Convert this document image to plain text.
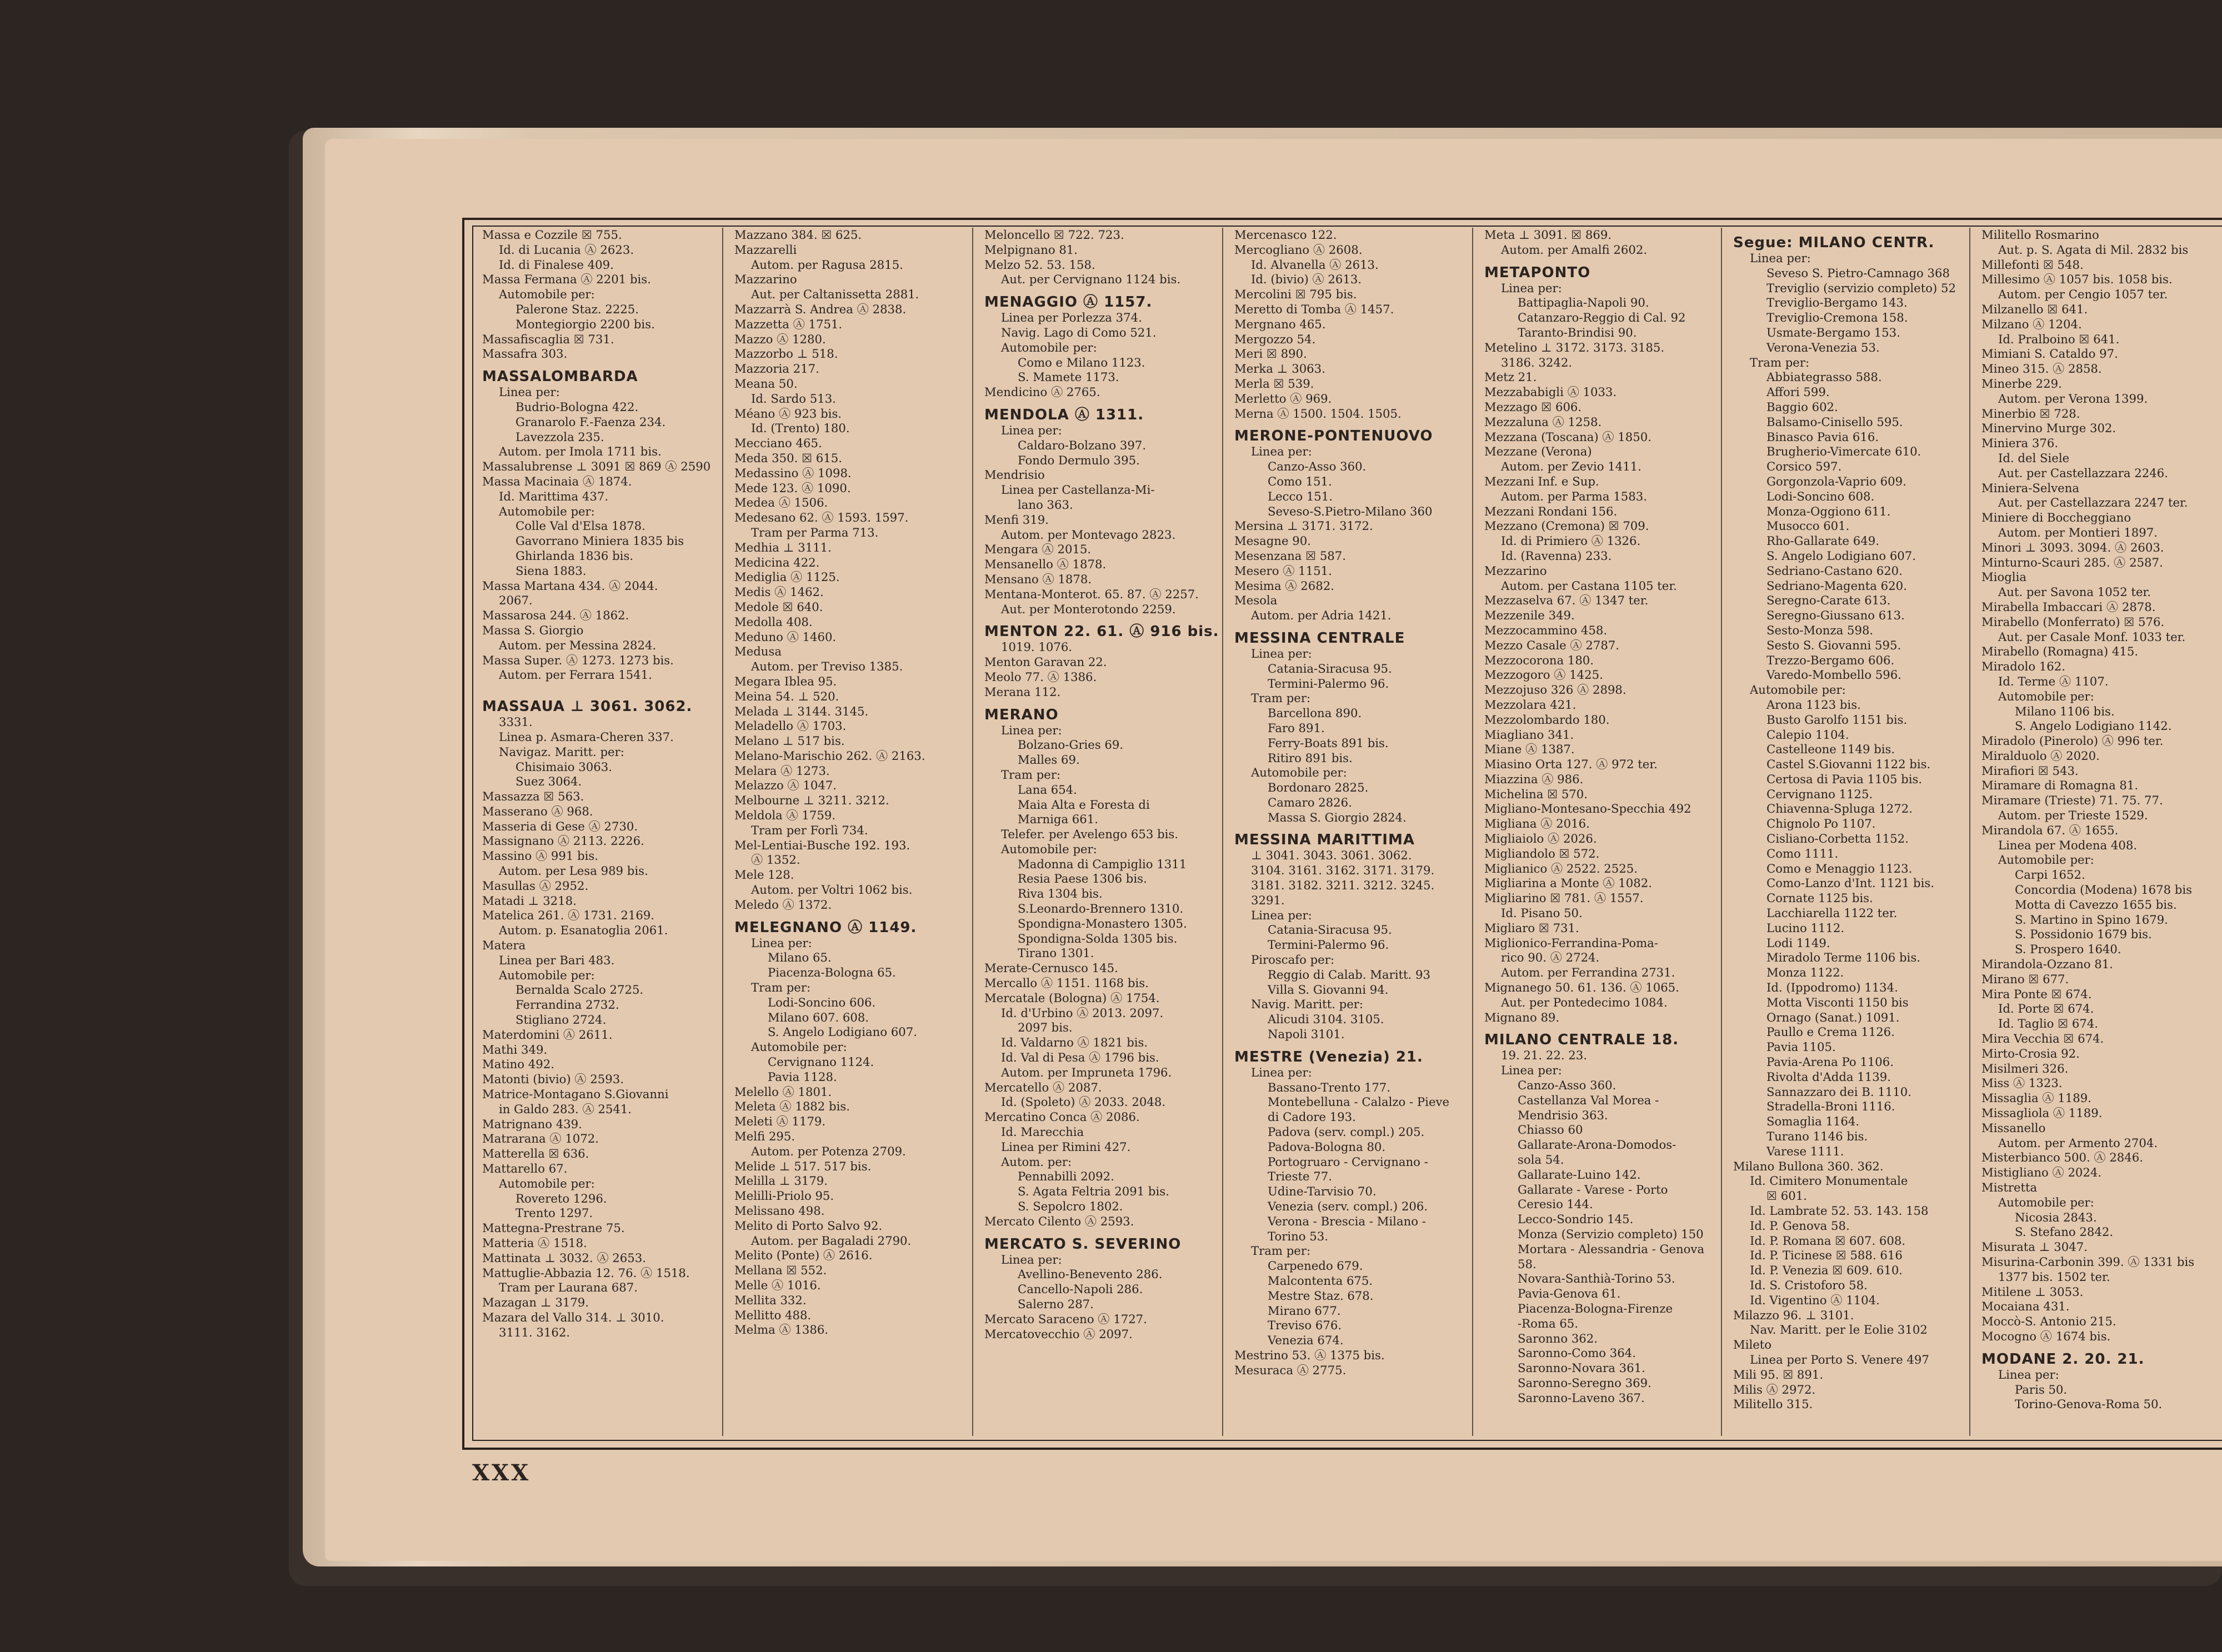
Massa e Cozzile ☒ 755.
Id. di Lucania Ⓐ 2623.
Id. di Finalese 409.
Massa Fermana Ⓐ 2201 bis.
Automobile per:
Palerone Staz. 2225.
Montegiorgio 2200 bis.
Massafiscaglia ☒ 731.
Massafra 303.
MASSALOMBARDA
Linea per:
Budrio-Bologna 422.
Granarolo F.-Faenza 234.
Lavezzola 235.
Autom. per Imola 1711 bis.
Massalubrense ⊥ 3091 ☒ 869 Ⓐ 2590
Massa Macinaia Ⓐ 1874.
Id. Marittima 437.
Automobile per:
Colle Val d'Elsa 1878.
Gavorrano Miniera 1835 bis
Ghirlanda 1836 bis.
Siena 1883.
Massa Martana 434. Ⓐ 2044.
2067.
Massarosa 244. Ⓐ 1862.
Massa S. Giorgio
Autom. per Messina 2824.
Massa Super. Ⓐ 1273. 1273 bis.
Autom. per Ferrara 1541.
MASSAUA ⊥ 3061. 3062.
3331.
Linea p. Asmara-Cheren 337.
Navigaz. Maritt. per:
Chisimaio 3063.
Suez 3064.
Massazza ☒ 563.
Masserano Ⓐ 968.
Masseria di Gese Ⓐ 2730.
Massignano Ⓐ 2113. 2226.
Massino Ⓐ 991 bis.
Autom. per Lesa 989 bis.
Masullas Ⓐ 2952.
Matadi ⊥ 3218.
Matelica 261. Ⓐ 1731. 2169.
Autom. p. Esanatoglia 2061.
Matera
Linea per Bari 483.
Automobile per:
Bernalda Scalo 2725.
Ferrandina 2732.
Stigliano 2724.
Materdomini Ⓐ 2611.
Mathi 349.
Matino 492.
Matonti (bivio) Ⓐ 2593.
Matrice-Montagano S.Giovanni
in Galdo 283. Ⓐ 2541.
Matrignano 439.
Matrarana Ⓐ 1072.
Matterella ☒ 636.
Mattarello 67.
Automobile per:
Rovereto 1296.
Trento 1297.
Mattegna-Prestrane 75.
Matteria Ⓐ 1518.
Mattinata ⊥ 3032. Ⓐ 2653.
Mattuglie-Abbazia 12. 76. Ⓐ 1518.
Tram per Laurana 687.
Mazagan ⊥ 3179.
Mazara del Vallo 314. ⊥ 3010.
3111. 3162.
Mazzano 384. ☒ 625.
Mazzarelli
Autom. per Ragusa 2815.
Mazzarino
Aut. per Caltanissetta 2881.
Mazzarrà S. Andrea Ⓐ 2838.
Mazzetta Ⓐ 1751.
Mazzo Ⓐ 1280.
Mazzorbo ⊥ 518.
Mazzoria 217.
Meana 50.
Id. Sardo 513.
Méano Ⓐ 923 bis.
Id. (Trento) 180.
Mecciano 465.
Meda 350. ☒ 615.
Medassino Ⓐ 1098.
Mede 123. Ⓐ 1090.
Medea Ⓐ 1506.
Medesano 62. Ⓐ 1593. 1597.
Tram per Parma 713.
Medhia ⊥ 3111.
Medicina 422.
Mediglia Ⓐ 1125.
Medis Ⓐ 1462.
Medole ☒ 640.
Medolla 408.
Meduno Ⓐ 1460.
Medusa
Autom. per Treviso 1385.
Megara Iblea 95.
Meina 54. ⊥ 520.
Melada ⊥ 3144. 3145.
Meladello Ⓐ 1703.
Melano ⊥ 517 bis.
Melano-Marischio 262. Ⓐ 2163.
Melara Ⓐ 1273.
Melazzo Ⓐ 1047.
Melbourne ⊥ 3211. 3212.
Meldola Ⓐ 1759.
Tram per Forlì 734.
Mel-Lentiai-Busche 192. 193.
Ⓐ 1352.
Mele 128.
Autom. per Voltri 1062 bis.
Meledo Ⓐ 1372.
MELEGNANO Ⓐ 1149.
Linea per:
Milano 65.
Piacenza-Bologna 65.
Tram per:
Lodi-Soncino 606.
Milano 607. 608.
S. Angelo Lodigiano 607.
Automobile per:
Cervignano 1124.
Pavia 1128.
Melello Ⓐ 1801.
Meleta Ⓐ 1882 bis.
Meleti Ⓐ 1179.
Melfi 295.
Autom. per Potenza 2709.
Melide ⊥ 517. 517 bis.
Melilla ⊥ 3179.
Melilli-Priolo 95.
Melissano 498.
Melito di Porto Salvo 92.
Autom. per Bagaladi 2790.
Melito (Ponte) Ⓐ 2616.
Mellana ☒ 552.
Melle Ⓐ 1016.
Mellita 332.
Mellitto 488.
Melma Ⓐ 1386.
Meloncello ☒ 722. 723.
Melpignano 81.
Melzo 52. 53. 158.
Aut. per Cervignano 1124 bis.
MENAGGIO Ⓐ 1157.
Linea per Porlezza 374.
Navig. Lago di Como 521.
Automobile per:
Como e Milano 1123.
S. Mamete 1173.
Mendicino Ⓐ 2765.
MENDOLA Ⓐ 1311.
Linea per:
Caldaro-Bolzano 397.
Fondo Dermulo 395.
Mendrisio
Linea per Castellanza-Mi-
lano 363.
Menfi 319.
Autom. per Montevago 2823.
Mengara Ⓐ 2015.
Mensanello Ⓐ 1878.
Mensano Ⓐ 1878.
Mentana-Monterot. 65. 87. Ⓐ 2257.
Aut. per Monterotondo 2259.
MENTON 22. 61. Ⓐ 916 bis.
1019. 1076.
Menton Garavan 22.
Meolo 77. Ⓐ 1386.
Merana 112.
MERANO
Linea per:
Bolzano-Gries 69.
Malles 69.
Tram per:
Lana 654.
Maia Alta e Foresta di
Marniga 661.
Telefer. per Avelengo 653 bis.
Automobile per:
Madonna di Campiglio 1311
Resia Paese 1306 bis.
Riva 1304 bis.
S.Leonardo-Brennero 1310.
Spondigna-Monastero 1305.
Spondigna-Solda 1305 bis.
Tirano 1301.
Merate-Cernusco 145.
Mercallo Ⓐ 1151. 1168 bis.
Mercatale (Bologna) Ⓐ 1754.
Id. d'Urbino Ⓐ 2013. 2097.
2097 bis.
Id. Valdarno Ⓐ 1821 bis.
Id. Val di Pesa Ⓐ 1796 bis.
Autom. per Impruneta 1796.
Mercatello Ⓐ 2087.
Id. (Spoleto) Ⓐ 2033. 2048.
Mercatino Conca Ⓐ 2086.
Id. Marecchia
Linea per Rimini 427.
Autom. per:
Pennabilli 2092.
S. Agata Feltria 2091 bis.
S. Sepolcro 1802.
Mercato Cilento Ⓐ 2593.
MERCATO S. SEVERINO
Linea per:
Avellino-Benevento 286.
Cancello-Napoli 286.
Salerno 287.
Mercato Saraceno Ⓐ 1727.
Mercatovecchio Ⓐ 2097.
Mercenasco 122.
Mercogliano Ⓐ 2608.
Id. Alvanella Ⓐ 2613.
Id. (bivio) Ⓐ 2613.
Mercolini ☒ 795 bis.
Meretto di Tomba Ⓐ 1457.
Mergnano 465.
Mergozzo 54.
Meri ☒ 890.
Merka ⊥ 3063.
Merla ☒ 539.
Merletto Ⓐ 969.
Merna Ⓐ 1500. 1504. 1505.
MERONE-PONTENUOVO
Linea per:
Canzo-Asso 360.
Como 151.
Lecco 151.
Seveso-S.Pietro-Milano 360
Mersina ⊥ 3171. 3172.
Mesagne 90.
Mesenzana ☒ 587.
Mesero Ⓐ 1151.
Mesima Ⓐ 2682.
Mesola
Autom. per Adria 1421.
MESSINA CENTRALE
Linea per:
Catania-Siracusa 95.
Termini-Palermo 96.
Tram per:
Barcellona 890.
Faro 891.
Ferry-Boats 891 bis.
Ritiro 891 bis.
Automobile per:
Bordonaro 2825.
Camaro 2826.
Massa S. Giorgio 2824.
MESSINA MARITTIMA
⊥ 3041. 3043. 3061. 3062.
3104. 3161. 3162. 3171. 3179.
3181. 3182. 3211. 3212. 3245.
3291.
Linea per:
Catania-Siracusa 95.
Termini-Palermo 96.
Piroscafo per:
Reggio di Calab. Maritt. 93
Villa S. Giovanni 94.
Navig. Maritt. per:
Alicudi 3104. 3105.
Napoli 3101.
MESTRE (Venezia) 21.
Linea per:
Bassano-Trento 177.
Montebelluna - Calalzo - Pieve
di Cadore 193.
Padova (serv. compl.) 205.
Padova-Bologna 80.
Portogruaro - Cervignano -
Trieste 77.
Udine-Tarvisio 70.
Venezia (serv. compl.) 206.
Verona - Brescia - Milano -
Torino 53.
Tram per:
Carpenedo 679.
Malcontenta 675.
Mestre Staz. 678.
Mirano 677.
Treviso 676.
Venezia 674.
Mestrino 53. Ⓐ 1375 bis.
Mesuraca Ⓐ 2775.
Meta ⊥ 3091. ☒ 869.
Autom. per Amalfi 2602.
METAPONTO
Linea per:
Battipaglia-Napoli 90.
Catanzaro-Reggio di Cal. 92
Taranto-Brindisi 90.
Metelino ⊥ 3172. 3173. 3185.
3186. 3242.
Metz 21.
Mezzababigli Ⓐ 1033.
Mezzago ☒ 606.
Mezzaluna Ⓐ 1258.
Mezzana (Toscana) Ⓐ 1850.
Mezzane (Verona)
Autom. per Zevio 1411.
Mezzani Inf. e Sup.
Autom. per Parma 1583.
Mezzani Rondani 156.
Mezzano (Cremona) ☒ 709.
Id. di Primiero Ⓐ 1326.
Id. (Ravenna) 233.
Mezzarino
Autom. per Castana 1105 ter.
Mezzaselva 67. Ⓐ 1347 ter.
Mezzenile 349.
Mezzocammino 458.
Mezzo Casale Ⓐ 2787.
Mezzocorona 180.
Mezzogoro Ⓐ 1425.
Mezzojuso 326 Ⓐ 2898.
Mezzolara 421.
Mezzolombardo 180.
Miagliano 341.
Miane Ⓐ 1387.
Miasino Orta 127. Ⓐ 972 ter.
Miazzina Ⓐ 986.
Michelina ☒ 570.
Migliano-Montesano-Specchia 492
Migliana Ⓐ 2016.
Migliaiolo Ⓐ 2026.
Migliandolo ☒ 572.
Miglianico Ⓐ 2522. 2525.
Migliarina a Monte Ⓐ 1082.
Migliarino ☒ 781. Ⓐ 1557.
Id. Pisano 50.
Migliaro ☒ 731.
Miglionico-Ferrandina-Poma-
rico 90. Ⓐ 2724.
Autom. per Ferrandina 2731.
Mignanego 50. 61. 136. Ⓐ 1065.
Aut. per Pontedecimo 1084.
Mignano 89.
MILANO CENTRALE 18.
19. 21. 22. 23.
Linea per:
Canzo-Asso 360.
Castellanza Val Morea -
Mendrisio 363.
Chiasso 60
Gallarate-Arona-Domodos-
sola 54.
Gallarate-Luino 142.
Gallarate - Varese - Porto
Ceresio 144.
Lecco-Sondrio 145.
Monza (Servizio completo) 150
Mortara - Alessandria - Genova
58.
Novara-Santhià-Torino 53.
Pavia-Genova 61.
Piacenza-Bologna-Firenze
-Roma 65.
Saronno 362.
Saronno-Como 364.
Saronno-Novara 361.
Saronno-Seregno 369.
Saronno-Laveno 367.
Segue: MILANO CENTR.
Linea per:
Seveso S. Pietro-Camnago 368
Treviglio (servizio completo) 52
Treviglio-Bergamo 143.
Treviglio-Cremona 158.
Usmate-Bergamo 153.
Verona-Venezia 53.
Tram per:
Abbiategrasso 588.
Affori 599.
Baggio 602.
Balsamo-Cinisello 595.
Binasco Pavia 616.
Brugherio-Vimercate 610.
Corsico 597.
Gorgonzola-Vaprio 609.
Lodi-Soncino 608.
Monza-Oggiono 611.
Musocco 601.
Rho-Gallarate 649.
S. Angelo Lodigiano 607.
Sedriano-Castano 620.
Sedriano-Magenta 620.
Seregno-Carate 613.
Seregno-Giussano 613.
Sesto-Monza 598.
Sesto S. Giovanni 595.
Trezzo-Bergamo 606.
Varedo-Mombello 596.
Automobile per:
Arona 1123 bis.
Busto Garolfo 1151 bis.
Calepio 1104.
Castelleone 1149 bis.
Castel S.Giovanni 1122 bis.
Certosa di Pavia 1105 bis.
Cervignano 1125.
Chiavenna-Spluga 1272.
Chignolo Po 1107.
Cisliano-Corbetta 1152.
Como 1111.
Como e Menaggio 1123.
Como-Lanzo d'Int. 1121 bis.
Cornate 1125 bis.
Lacchiarella 1122 ter.
Lucino 1112.
Lodi 1149.
Miradolo Terme 1106 bis.
Monza 1122.
Id. (Ippodromo) 1134.
Motta Visconti 1150 bis
Ornago (Sanat.) 1091.
Paullo e Crema 1126.
Pavia 1105.
Pavia-Arena Po 1106.
Rivolta d'Adda 1139.
Sannazzaro dei B. 1110.
Stradella-Broni 1116.
Somaglia 1164.
Turano 1146 bis.
Varese 1111.
Milano Bullona 360. 362.
Id. Cimitero Monumentale
☒ 601.
Id. Lambrate 52. 53. 143. 158
Id. P. Genova 58.
Id. P. Romana ☒ 607. 608.
Id. P. Ticinese ☒ 588. 616
Id. P. Venezia ☒ 609. 610.
Id. S. Cristoforo 58.
Id. Vigentino Ⓐ 1104.
Milazzo 96. ⊥ 3101.
Nav. Maritt. per le Eolie 3102
Mileto
Linea per Porto S. Venere 497
Mili 95. ☒ 891.
Milis Ⓐ 2972.
Militello 315.
Militello Rosmarino
Aut. p. S. Agata di Mil. 2832 bis
Millefonti ☒ 548.
Millesimo Ⓐ 1057 bis. 1058 bis.
Autom. per Cengio 1057 ter.
Milzanello ☒ 641.
Milzano Ⓐ 1204.
Id. Pralboino ☒ 641.
Mimiani S. Cataldo 97.
Mineo 315. Ⓐ 2858.
Minerbe 229.
Autom. per Verona 1399.
Minerbio ☒ 728.
Minervino Murge 302.
Miniera 376.
Id. del Siele
Aut. per Castellazzara 2246.
Miniera-Selvena
Aut. per Castellazzara 2247 ter.
Miniere di Boccheggiano
Autom. per Montieri 1897.
Minori ⊥ 3093. 3094. Ⓐ 2603.
Minturno-Scauri 285. Ⓐ 2587.
Mioglia
Aut. per Savona 1052 ter.
Mirabella Imbaccari Ⓐ 2878.
Mirabello (Monferrato) ☒ 576.
Aut. per Casale Monf. 1033 ter.
Mirabello (Romagna) 415.
Miradolo 162.
Id. Terme Ⓐ 1107.
Automobile per:
Milano 1106 bis.
S. Angelo Lodigiano 1142.
Miradolo (Pinerolo) Ⓐ 996 ter.
Miralduolo Ⓐ 2020.
Mirafiori ☒ 543.
Miramare di Romagna 81.
Miramare (Trieste) 71. 75. 77.
Autom. per Trieste 1529.
Mirandola 67. Ⓐ 1655.
Linea per Modena 408.
Automobile per:
Carpi 1652.
Concordia (Modena) 1678 bis
Motta di Cavezzo 1655 bis.
S. Martino in Spino 1679.
S. Possidonio 1679 bis.
S. Prospero 1640.
Mirandola-Ozzano 81.
Mirano ☒ 677.
Mira Ponte ☒ 674.
Id. Porte ☒ 674.
Id. Taglio ☒ 674.
Mira Vecchia ☒ 674.
Mirto-Crosia 92.
Misilmeri 326.
Miss Ⓐ 1323.
Missaglia Ⓐ 1189.
Missagliola Ⓐ 1189.
Missanello
Autom. per Armento 2704.
Misterbianco 500. Ⓐ 2846.
Mistigliano Ⓐ 2024.
Mistretta
Automobile per:
Nicosia 2843.
S. Stefano 2842.
Misurata ⊥ 3047.
Misurina-Carbonin 399. Ⓐ 1331 bis
1377 bis. 1502 ter.
Mitilene ⊥ 3053.
Mocaiana 431.
Moccò-S. Antonio 215.
Mocogno Ⓐ 1674 bis.
MODANE 2. 20. 21.
Linea per:
Paris 50.
Torino-Genova-Roma 50.
XXX
